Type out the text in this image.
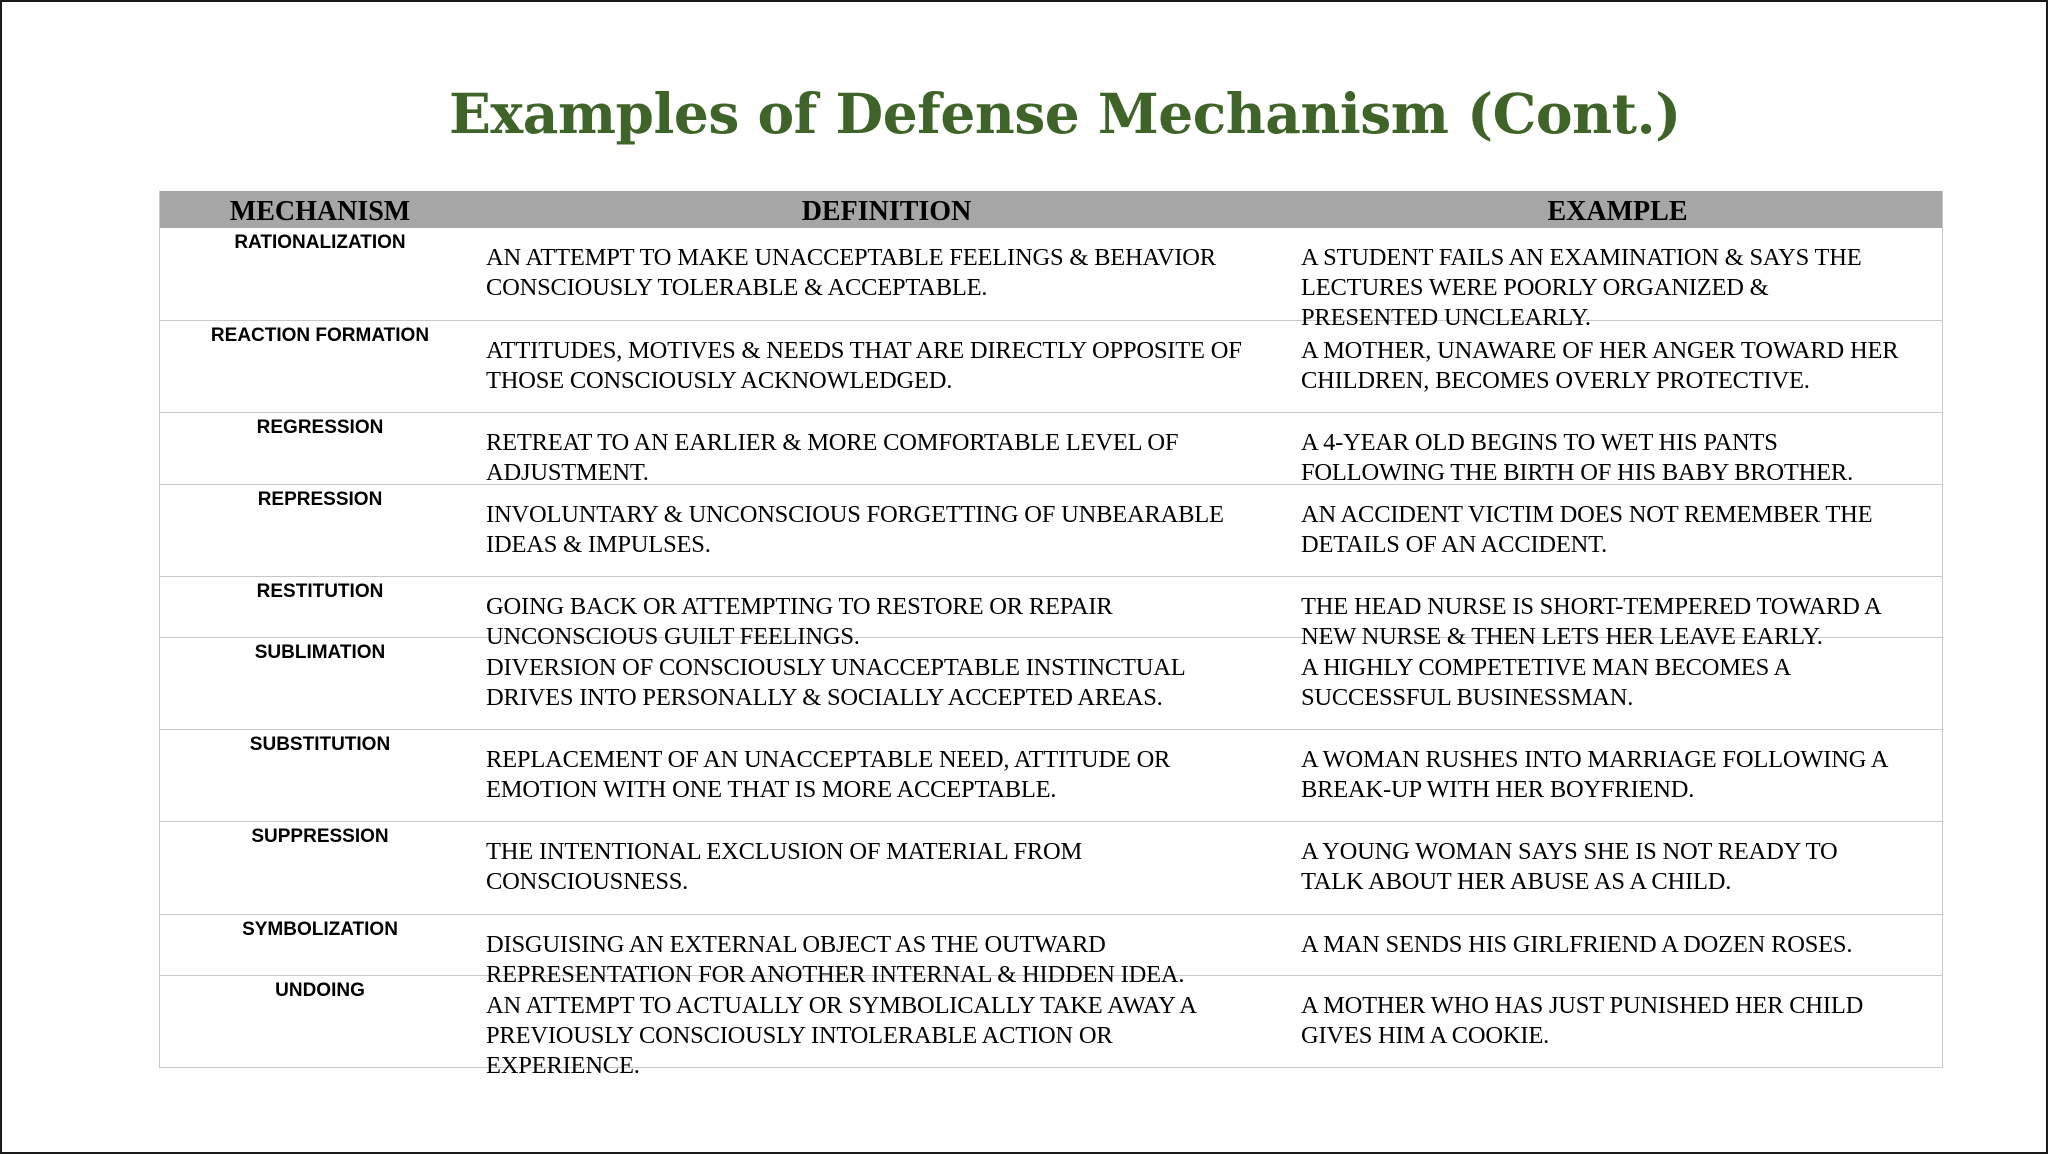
Examples of Defense Mechanism (Cont.)
MECHANISM	DEFINITION	EXAMPLE
RATIONALIZATION
AN ATTEMPT TO MAKE UNACCEPTABLE FEELINGS & BEHAVIOR
CONSCIOUSLY TOLERABLE & ACCEPTABLE.
A STUDENT FAILS AN EXAMINATION & SAYS THE
LECTURES WERE POORLY ORGANIZED &
PRESENTED UNCLEARLY.
REACTION FORMATION
ATTITUDES, MOTIVES & NEEDS THAT ARE DIRECTLY OPPOSITE OF
THOSE CONSCIOUSLY ACKNOWLEDGED.
A MOTHER, UNAWARE OF HER ANGER TOWARD HER
CHILDREN, BECOMES OVERLY PROTECTIVE.
REGRESSION
RETREAT TO AN EARLIER & MORE COMFORTABLE LEVEL OF
ADJUSTMENT.
A 4-YEAR OLD BEGINS TO WET HIS PANTS
FOLLOWING THE BIRTH OF HIS BABY BROTHER.
REPRESSION
INVOLUNTARY & UNCONSCIOUS FORGETTING OF UNBEARABLE
IDEAS & IMPULSES.
AN ACCIDENT VICTIM DOES NOT REMEMBER THE
DETAILS OF AN ACCIDENT.
RESTITUTION
GOING BACK OR ATTEMPTING TO RESTORE OR REPAIR
UNCONSCIOUS GUILT FEELINGS.
THE HEAD NURSE IS SHORT-TEMPERED TOWARD A
NEW NURSE & THEN LETS HER LEAVE EARLY.
SUBLIMATION
DIVERSION OF CONSCIOUSLY UNACCEPTABLE INSTINCTUAL
DRIVES INTO PERSONALLY & SOCIALLY ACCEPTED AREAS.
A HIGHLY COMPETETIVE MAN BECOMES A
SUCCESSFUL BUSINESSMAN.
SUBSTITUTION
REPLACEMENT OF AN UNACCEPTABLE NEED, ATTITUDE OR
EMOTION WITH ONE THAT IS MORE ACCEPTABLE.
A WOMAN RUSHES INTO MARRIAGE FOLLOWING A
BREAK-UP WITH HER BOYFRIEND.
SUPPRESSION
THE INTENTIONAL EXCLUSION OF MATERIAL FROM
CONSCIOUSNESS.
A YOUNG WOMAN SAYS SHE IS NOT READY TO
TALK ABOUT HER ABUSE AS A CHILD.
SYMBOLIZATION
DISGUISING AN EXTERNAL OBJECT AS THE OUTWARD
REPRESENTATION FOR ANOTHER INTERNAL & HIDDEN IDEA.
A MAN SENDS HIS GIRLFRIEND A DOZEN ROSES.
UNDOING
AN ATTEMPT TO ACTUALLY OR SYMBOLICALLY TAKE AWAY A
PREVIOUSLY CONSCIOUSLY INTOLERABLE ACTION OR
EXPERIENCE.
A MOTHER WHO HAS JUST PUNISHED HER CHILD
GIVES HIM A COOKIE.
